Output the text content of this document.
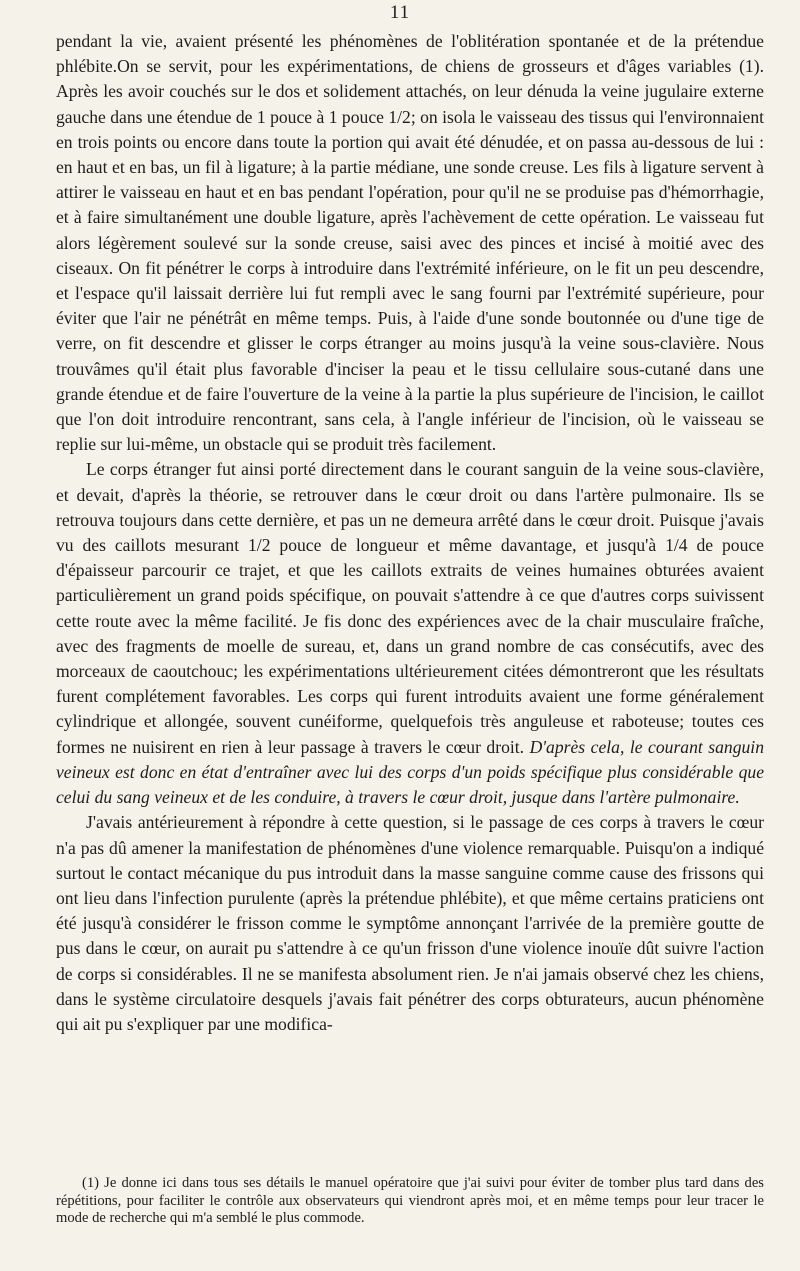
11

pendant la vie, avaient présenté les phénomènes de l'oblitération spontanée et de la prétendue phlébite.On se servit, pour les expérimentations, de chiens de grosseurs et d'âges variables (1). Après les avoir couchés sur le dos et solidement attachés, on leur dénuda la veine jugulaire externe gauche dans une étendue de 1 pouce à 1 pouce 1/2; on isola le vaisseau des tissus qui l'environnaient en trois points ou encore dans toute la portion qui avait été dénudée, et on passa au-dessous de lui : en haut et en bas, un fil à ligature; à la partie médiane, une sonde creuse. Les fils à ligature servent à attirer le vaisseau en haut et en bas pendant l'opération, pour qu'il ne se produise pas d'hémorrhagie, et à faire simultanément une double ligature, après l'achèvement de cette opération. Le vaisseau fut alors légèrement soulevé sur la sonde creuse, saisi avec des pinces et incisé à moitié avec des ciseaux. On fit pénétrer le corps à introduire dans l'extrémité inférieure, on le fit un peu descendre, et l'espace qu'il laissait derrière lui fut rempli avec le sang fourni par l'extrémité supérieure, pour éviter que l'air ne pénétrât en même temps. Puis, à l'aide d'une sonde boutonnée ou d'une tige de verre, on fit descendre et glisser le corps étranger au moins jusqu'à la veine sous-clavière. Nous trouvâmes qu'il était plus favorable d'inciser la peau et le tissu cellulaire sous-cutané dans une grande étendue et de faire l'ouverture de la veine à la partie la plus supérieure de l'incision, le caillot que l'on doit introduire rencontrant, sans cela, à l'angle inférieur de l'incision, où le vaisseau se replie sur lui-même, un obstacle qui se produit très facilement.

Le corps étranger fut ainsi porté directement dans le courant sanguin de la veine sous-clavière, et devait, d'après la théorie, se retrouver dans le cœur droit ou dans l'artère pulmonaire. Ils se retrouva toujours dans cette dernière, et pas un ne demeura arrêté dans le cœur droit. Puisque j'avais vu des caillots mesurant 1/2 pouce de longueur et même davantage, et jusqu'à 1/4 de pouce d'épaisseur parcourir ce trajet, et que les caillots extraits de veines humaines obturées avaient particulièrement un grand poids spécifique, on pouvait s'attendre à ce que d'autres corps suivissent cette route avec la même facilité. Je fis donc des expériences avec de la chair musculaire fraîche, avec des fragments de moelle de sureau, et, dans un grand nombre de cas consécutifs, avec des morceaux de caoutchouc; les expérimentations ultérieurement citées démontreront que les résultats furent complétement favorables. Les corps qui furent introduits avaient une forme généralement cylindrique et allongée, souvent cunéiforme, quelquefois très anguleuse et raboteuse; toutes ces formes ne nuisirent en rien à leur passage à travers le cœur droit.

D'après cela, le courant sanguin veineux est donc en état d'entraîner avec lui des corps d'un poids spécifique plus considérable que celui du sang veineux et de les conduire, à travers le cœur droit, jusque dans l'artère pulmonaire.

J'avais antérieurement à répondre à cette question, si le passage de ces corps à travers le cœur n'a pas dû amener la manifestation de phénomènes d'une violence remarquable. Puisqu'on a indiqué surtout le contact mécanique du pus introduit dans la masse sanguine comme cause des frissons qui ont lieu dans l'infection purulente (après la prétendue phlébite), et que même certains praticiens ont été jusqu'à considérer le frisson comme le symptôme annonçant l'arrivée de la première goutte de pus dans le cœur, on aurait pu s'attendre à ce qu'un frisson d'une violence inouïe dût suivre l'action de corps si considérables. Il ne se manifesta absolument rien. Je n'ai jamais observé chez les chiens, dans le système circulatoire desquels j'avais fait pénétrer des corps obturateurs, aucun phénomène qui ait pu s'expliquer par une modifica-

(1) Je donne ici dans tous ses détails le manuel opératoire que j'ai suivi pour éviter de tomber plus tard dans des répétitions, pour faciliter le contrôle aux observateurs qui viendront après moi, et en même temps pour leur tracer le mode de recherche qui m'a semblé le plus commode.
